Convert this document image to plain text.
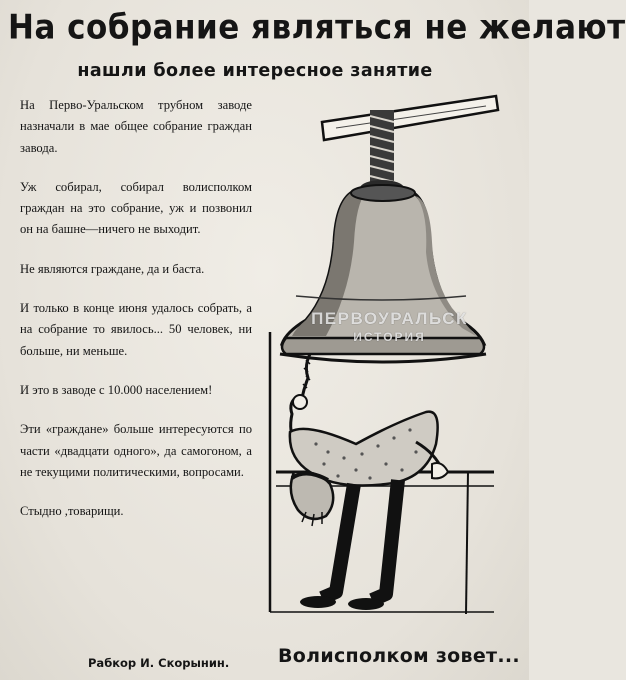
На собрание являться не желают
нашли более интересное занятие

На Первo-Уральском трубном заводе назначали в мае общее собрание граждан завода.

Уж собирал, собирал волисполком граждан на это собрание, уж и позвонил он на башне—ничего не выходит.

Не являются граждане, да и баста.

И только в конце июня удалось собрать, а на собрание то явилось... 50 человек, ни больше, ни меньше.

И это в заводе с 10.000 населением!

Эти «граждане» больше интересуются по части «двадцати одного», да самогоном, а не текущими политическими, вопросами.

Стыдно ,товарищи.

Рабкор И. Скорынин.
ПЕРВОУРАЛЬСК
ИСТОРИЯ
Волисполком зовет...
